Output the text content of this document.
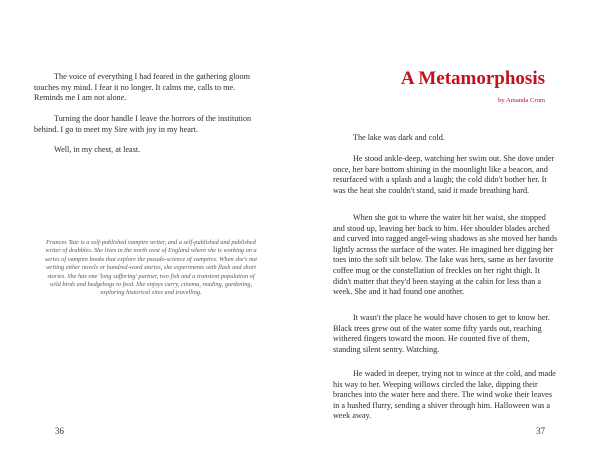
The voice of everything I had feared in the gathering gloom touches my mind. I fear it no longer. It calms me, calls to me. Reminds me I am not alone.

Turning the door handle I leave the horrors of the institution behind. I go to meet my Sire with joy in my heart.

Well, in my chest, at least.

Frances Tate is a self-published vampire writer, and a self-published and published writer of drabbles. She lives in the north west of England where she is working on a series of vampire books that explore the pseudo-science of vampires. When she's not writing either novels or hundred-word stories, she experiments with flash and short stories. She has one 'long suffering' partner, two fish and a transient population of wild birds and hedgehogs to feed. She enjoys curry, cinema, reading, gardening, exploring historical sites and travelling.

36
A Metamorphosis
by Amanda Crum

The lake was dark and cold.

He stood ankle-deep, watching her swim out. She dove under once, her bare bottom shining in the moonlight like a beacon, and resurfaced with a splash and a laugh; the cold didn't bother her. It was the heat she couldn't stand, said it made breathing hard.

When she got to where the water hit her waist, she stopped and stood up, leaving her back to him. Her shoulder blades arched and curved into ragged angel-wing shadows as she moved her hands lightly across the surface of the water. He imagined her digging her toes into the soft silt below. The lake was hers, same as her favorite coffee mug or the constellation of freckles on her right thigh. It didn't matter that they'd been staying at the cabin for less than a week. She and it had found one another.

It wasn't the place he would have chosen to get to know her. Black trees grew out of the water some fifty yards out, reaching withered fingers toward the moon. He counted five of them, standing silent sentry. Watching.

He waded in deeper, trying not to wince at the cold, and made his way to her. Weeping willows circled the lake, dipping their branches into the water here and there. The wind woke their leaves in a hushed flurry, sending a shiver through him. Halloween was a week away.

37
